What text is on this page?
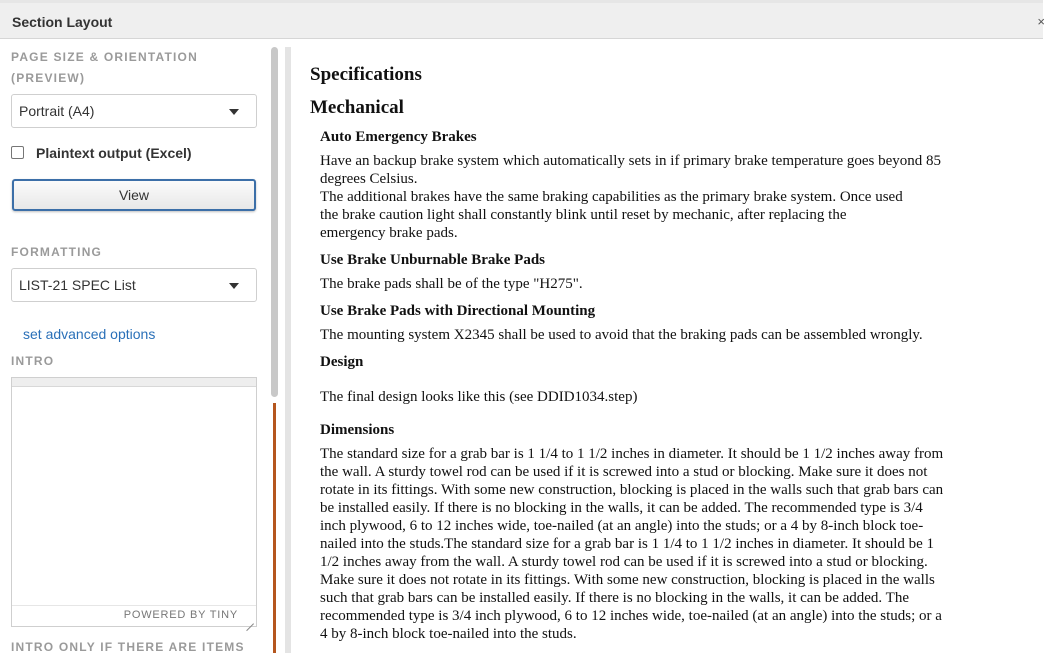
Section Layout	×
PAGE SIZE & ORIENTATION
(PREVIEW)
Portrait (A4)
Plaintext output (Excel)
View
FORMATTING
LIST-21 SPEC List
set advanced options
INTRO
POWERED BY TINY
INTRO ONLY IF THERE ARE ITEMS
Specifications
Mechanical
Auto Emergency Brakes
Have an backup brake system which automatically sets in if primary brake temperature goes beyond 85
degrees Celsius.
The additional brakes have the same braking capabilities as the primary brake system. Once used
the brake caution light shall constantly blink until reset by mechanic, after replacing the
emergency brake pads.
Use Brake Unburnable Brake Pads
The brake pads shall be of the type "H275".
Use Brake Pads with Directional Mounting
The mounting system X2345 shall be used to avoid that the braking pads can be assembled wrongly.
Design
The final design looks like this (see DDID1034.step)
Dimensions
The standard size for a grab bar is 1 1/4 to 1 1/2 inches in diameter. It should be 1 1/2 inches away from
the wall. A sturdy towel rod can be used if it is screwed into a stud or blocking. Make sure it does not
rotate in its fittings. With some new construction, blocking is placed in the walls such that grab bars can
be installed easily. If there is no blocking in the walls, it can be added. The recommended type is 3/4
inch plywood, 6 to 12 inches wide, toe-nailed (at an angle) into the studs; or a 4 by 8-inch block toe-
nailed into the studs.The standard size for a grab bar is 1 1/4 to 1 1/2 inches in diameter. It should be 1
1/2 inches away from the wall. A sturdy towel rod can be used if it is screwed into a stud or blocking.
Make sure it does not rotate in its fittings. With some new construction, blocking is placed in the walls
such that grab bars can be installed easily. If there is no blocking in the walls, it can be added. The
recommended type is 3/4 inch plywood, 6 to 12 inches wide, toe-nailed (at an angle) into the studs; or a
4 by 8-inch block toe-nailed into the studs.
